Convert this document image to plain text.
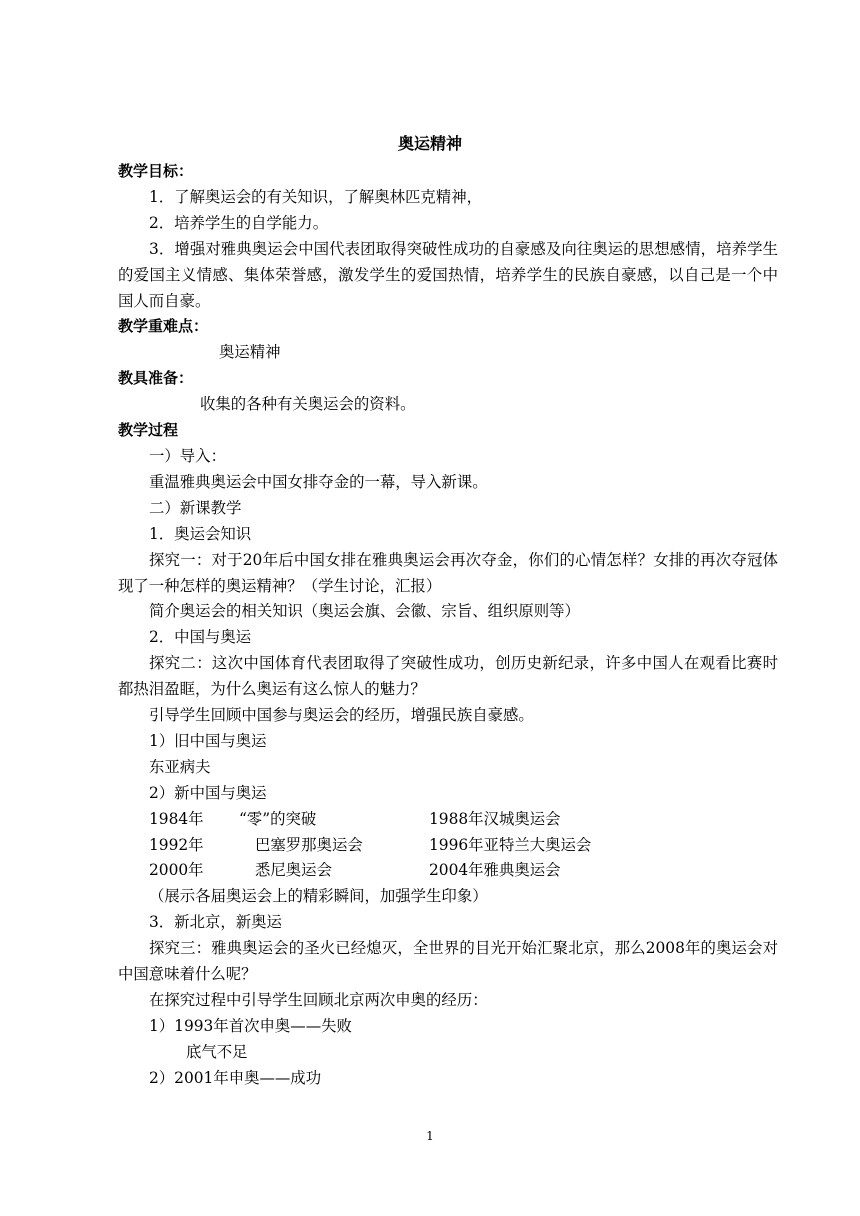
奥运精神
教学目标：
1．了解奥运会的有关知识，了解奥林匹克精神，
2．培养学生的自学能力。
3．增强对雅典奥运会中国代表团取得突破性成功的自豪感及向往奥运的思想感情，培养学生的爱国主义情感、集体荣誉感，激发学生的爱国热情，培养学生的民族自豪感，以自己是一个中国人而自豪。
教学重难点：
奥运精神
教具准备：
收集的各种有关奥运会的资料。
教学过程
一）导入：
重温雅典奥运会中国女排夺金的一幕，导入新课。
二）新课教学
1．奥运会知识
探究一：对于20年后中国女排在雅典奥运会再次夺金，你们的心情怎样？女排的再次夺冠体现了一种怎样的奥运精神？（学生讨论，汇报）
简介奥运会的相关知识（奥运会旗、会徽、宗旨、组织原则等）
2．中国与奥运
探究二：这次中国体育代表团取得了突破性成功，创历史新纪录，许多中国人在观看比赛时都热泪盈眶，为什么奥运有这么惊人的魅力？
引导学生回顾中国参与奥运会的经历，增强民族自豪感。
1）旧中国与奥运
东亚病夫
2）新中国与奥运
1984年	“零”的突破	1988年汉城奥运会
1992年	巴塞罗那奥运会	1996年亚特兰大奥运会
2000年	悉尼奥运会	2004年雅典奥运会
（展示各届奥运会上的精彩瞬间，加强学生印象）
3．新北京，新奥运
探究三：雅典奥运会的圣火已经熄灭，全世界的目光开始汇聚北京，那么2008年的奥运会对中国意味着什么呢？
在探究过程中引导学生回顾北京两次申奥的经历：
1）1993年首次申奥——失败
底气不足
2）2001年申奥——成功
1
